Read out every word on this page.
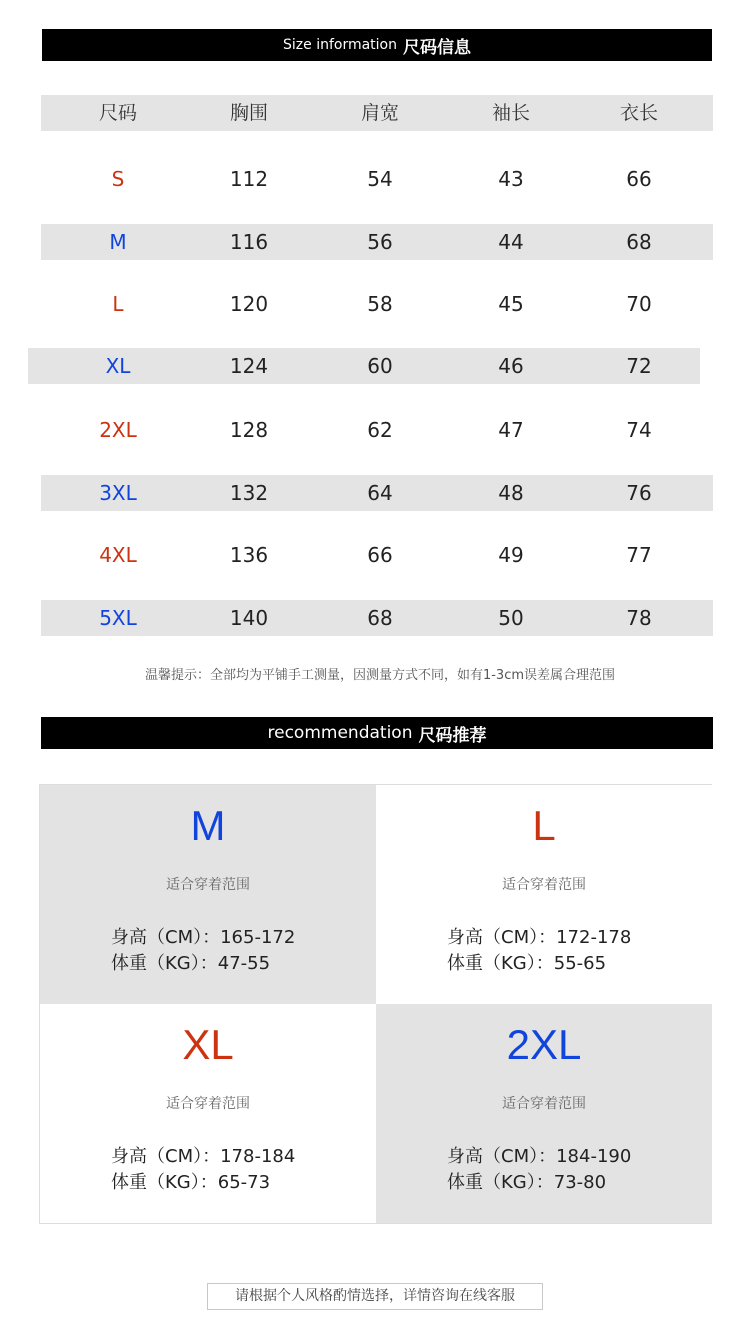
Size information 尺码信息
尺码	胸围	肩宽	袖长	衣长
S	112	54	43	66
M	116	56	44	68
L	120	58	45	70
XL	124	60	46	72
2XL	128	62	47	74
3XL	132	64	48	76
4XL	136	66	49	77
5XL	140	68	50	78
温馨提示：全部均为平铺手工测量，因测量方式不同，如有1-3cm误差属合理范围
recommendation 尺码推荐
M
适合穿着范围
身高（CM）：165-172
体重（KG）：47-55
L
适合穿着范围
身高（CM）：172-178
体重（KG）：55-65
XL
适合穿着范围
身高（CM）：178-184
体重（KG）：65-73
2XL
适合穿着范围
身高（CM）：184-190
体重（KG）：73-80
请根据个人风格酌情选择，详情咨询在线客服
